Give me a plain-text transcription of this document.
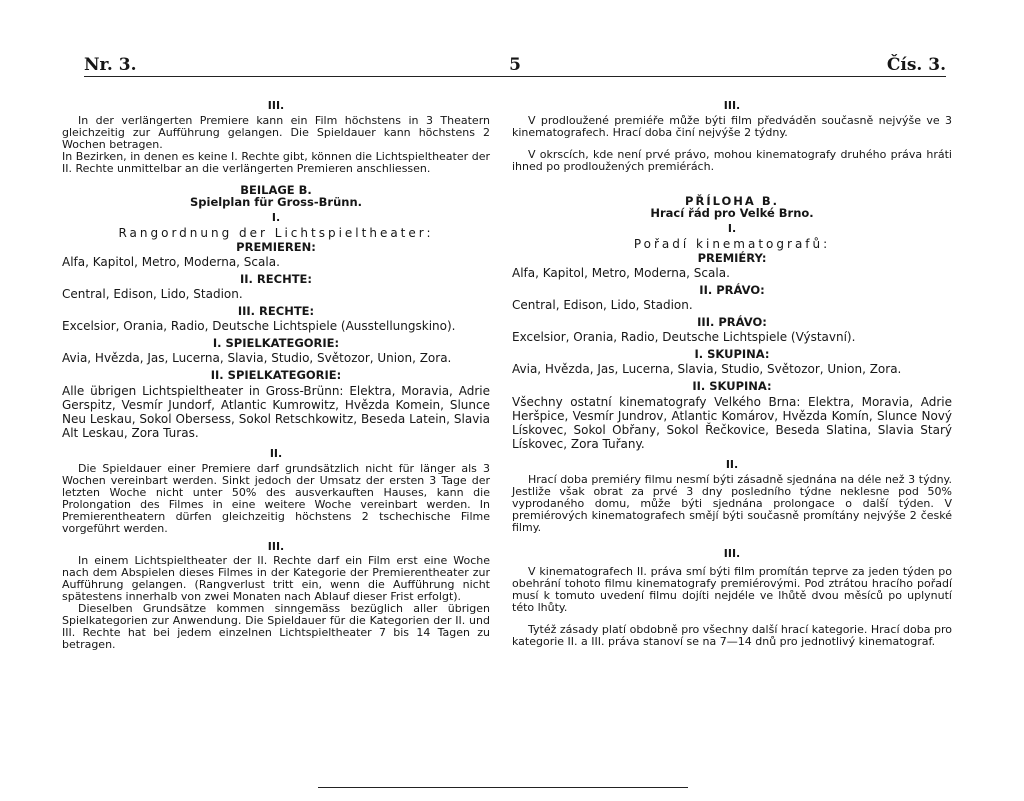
Nr. 3.	5	Čís. 3.
III.

In der verlängerten Premiere kann ein Film höchstens in 3 Theatern gleichzeitig zur Aufführung gelangen. Die Spieldauer kann höchstens 2 Wochen betragen.

In Bezirken, in denen es keine I. Rechte gibt, können die Lichtspieltheater der II. Rechte unmittelbar an die verlängerten Premieren anschliessen.

BEILAGE B.
Spielplan für Gross-Brünn.
I.
Rangordnung der Lichtspieltheater:
PREMIEREN:
Alfa, Kapitol, Metro, Moderna, Scala.
II. RECHTE:
Central, Edison, Lido, Stadion.
III. RECHTE:
Excelsior, Orania, Radio, Deutsche Lichtspiele (Ausstellungskino).
I. SPIELKATEGORIE:
Avia, Hvězda, Jas, Lucerna, Slavia, Studio, Světozor, Union, Zora.
II. SPIELKATEGORIE:

Alle übrigen Lichtspieltheater in Gross-Brünn: Elektra, Moravia, Adrie Gerspitz, Vesmír Jundorf, Atlantic Kumrowitz, Hvězda Komein, Slunce Neu Leskau, Sokol Obersess, Sokol Retschkowitz, Beseda Latein, Slavia Alt Leskau, Zora Turas.

II.

Die Spieldauer einer Premiere darf grundsätzlich nicht für länger als 3 Wochen vereinbart werden. Sinkt jedoch der Umsatz der ersten 3 Tage der letzten Woche nicht unter 50% des ausverkauften Hauses, kann die Prolongation des Filmes in eine weitere Woche vereinbart werden. In Premierentheatern dürfen gleichzeitig höchstens 2 tschechische Filme vorgeführt werden.

III.

In einem Lichtspieltheater der II. Rechte darf ein Film erst eine Woche nach dem Abspielen dieses Filmes in der Kategorie der Premierentheater zur Aufführung gelangen. (Rangverlust tritt ein, wenn die Aufführung nicht spätestens innerhalb von zwei Monaten nach Ablauf dieser Frist erfolgt).

Dieselben Grundsätze kommen sinngemäss bezüglich aller übrigen Spielkategorien zur Anwendung. Die Spieldauer für die Kategorien der II. und III. Rechte hat bei jedem einzelnen Lichtspieltheater 7 bis 14 Tagen zu betragen.

III.

V prodloužené premiéře může býti film předváděn současně nejvýše ve 3 kinematografech. Hrací doba činí nejvýše 2 týdny.

V okrscích, kde není prvé právo, mohou kinematografy druhého práva hráti ihned po prodloužených premiérách.

PŘÍLOHA B.
Hrací řád pro Velké Brno.
I.
Pořadí kinematografů:
PREMIÉRY:
Alfa, Kapitol, Metro, Moderna, Scala.
II. PRÁVO:
Central, Edison, Lido, Stadion.
III. PRÁVO:
Excelsior, Orania, Radio, Deutsche Lichtspiele (Výstavní).
I. SKUPINA:
Avia, Hvězda, Jas, Lucerna, Slavia, Studio, Světozor, Union, Zora.
II. SKUPINA:

Všechny ostatní kinematografy Velkého Brna: Elektra, Moravia, Adrie Heršpice, Vesmír Jundrov, Atlantic Komárov, Hvězda Komín, Slunce Nový Lískovec, Sokol Obřany, Sokol Řečkovice, Beseda Slatina, Slavia Starý Lískovec, Zora Tuřany.

II.

Hrací doba premiéry filmu nesmí býti zásadně sjednána na déle než 3 týdny. Jestliže však obrat za prvé 3 dny posledního týdne neklesne pod 50% vyprodaného domu, může býti sjednána prolongace o další týden. V premiérových kinematografech smějí býti současně promítány nejvýše 2 české filmy.

III.

V kinematografech II. práva smí býti film promítán teprve za jeden týden po obehrání tohoto filmu kinematografy premiérovými. Pod ztrátou hracího pořadí musí k tomuto uvedení filmu dojíti nejdéle ve lhůtě dvou měsíců po uplynutí této lhůty.

Tytéž zásady platí obdobně pro všechny další hrací kategorie. Hrací doba pro kategorie II. a III. práva stanoví se na 7—14 dnů pro jednotlivý kinematograf.
